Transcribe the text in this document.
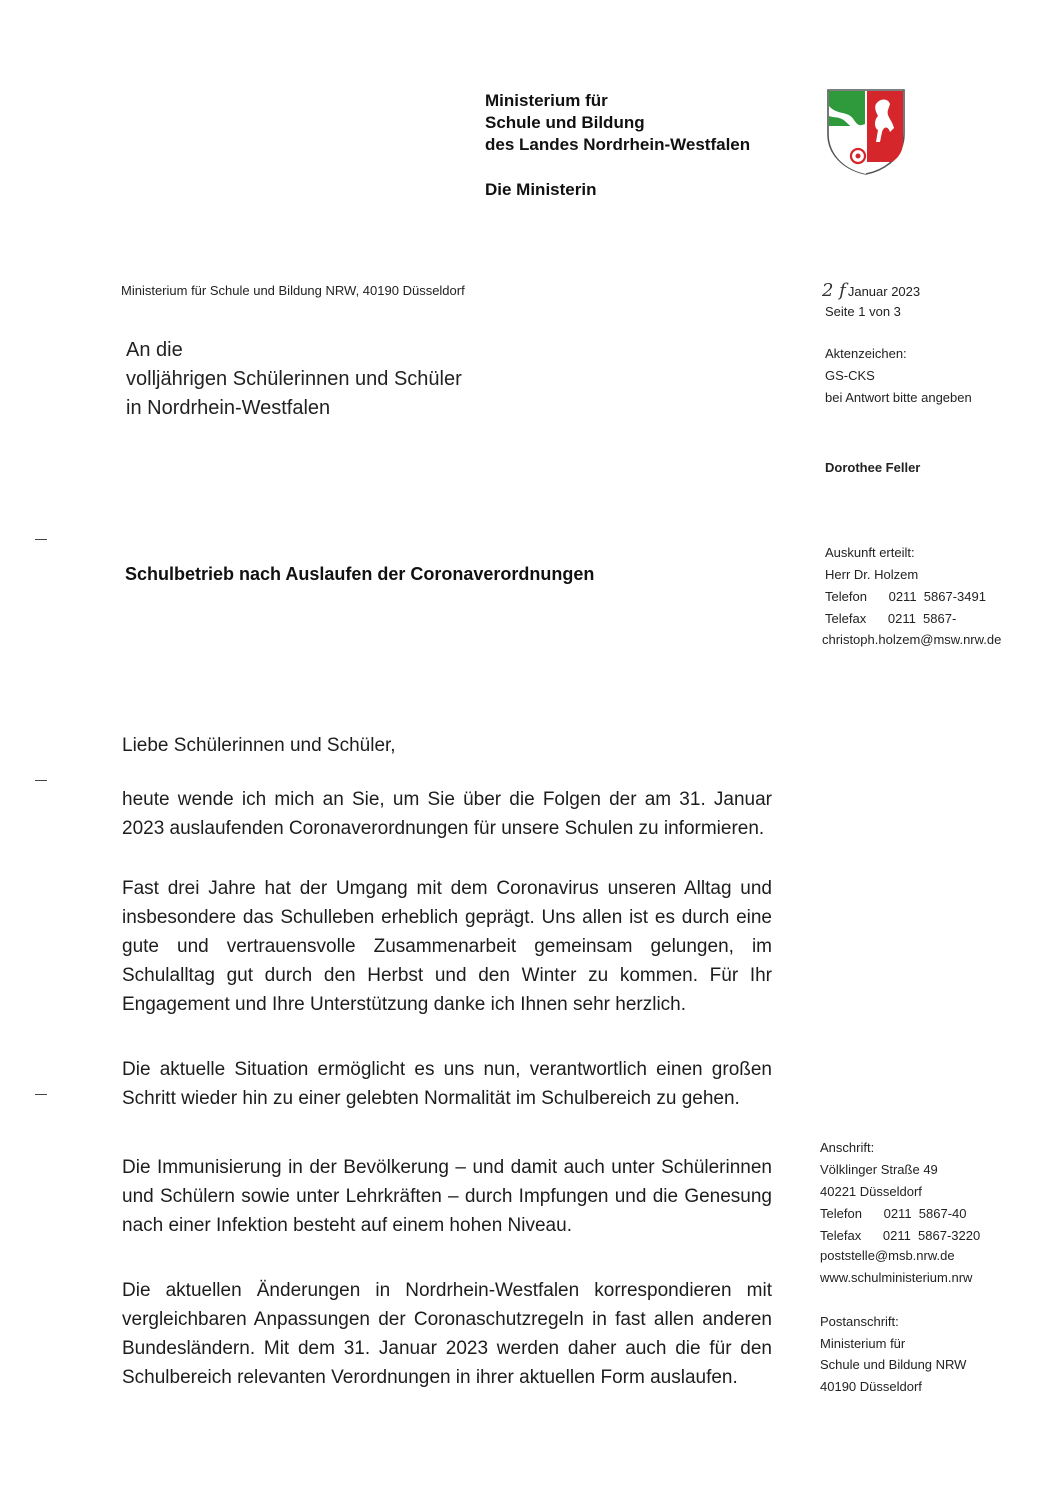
Ministerium für
Schule und Bildung
des Landes Nordrhein-Westfalen
Die Ministerin
Ministerium für Schule und Bildung NRW, 40190 Düsseldorf
An die
volljährigen Schülerinnen und Schüler
in Nordrhein-Westfalen
2 f Januar 2023
Seite 1 von 3
Aktenzeichen:
GS-CKS
bei Antwort bitte angeben
Dorothee Feller
Auskunft erteilt:
Herr Dr. Holzem
Telefon      0211  5867-3491
Telefax      0211  5867-
christoph.holzem@msw.nrw.de
Anschrift:
Völklinger Straße 49
40221 Düsseldorf
Telefon      0211  5867-40
Telefax      0211  5867-3220
poststelle@msb.nrw.de
www.schulministerium.nrw
Postanschrift:
Ministerium für
Schule und Bildung NRW
40190 Düsseldorf
Schulbetrieb nach Auslaufen der Coronaverordnungen
Liebe Schülerinnen und Schüler,
heute wende ich mich an Sie, um Sie über die Folgen der am 31. Januar 2023 auslaufenden Coronaverordnungen für unsere Schulen zu informieren.
Fast drei Jahre hat der Umgang mit dem Coronavirus unseren Alltag und insbesondere das Schulleben erheblich geprägt. Uns allen ist es durch eine gute und vertrauensvolle Zusammenarbeit gemeinsam gelungen, im Schulalltag gut durch den Herbst und den Winter zu kommen. Für Ihr Engagement und Ihre Unterstützung danke ich Ihnen sehr herzlich.
Die aktuelle Situation ermöglicht es uns nun, verantwortlich einen großen Schritt wieder hin zu einer gelebten Normalität im Schulbereich zu gehen.
Die Immunisierung in der Bevölkerung – und damit auch unter Schülerinnen und Schülern sowie unter Lehrkräften – durch Impfungen und die Genesung nach einer Infektion besteht auf einem hohen Niveau.
Die aktuellen Änderungen in Nordrhein-Westfalen korrespondieren mit vergleichbaren Anpassungen der Coronaschutzregeln in fast allen anderen Bundesländern. Mit dem 31. Januar 2023 werden daher auch die für den Schulbereich relevanten Verordnungen in ihrer aktuellen Form auslaufen.
